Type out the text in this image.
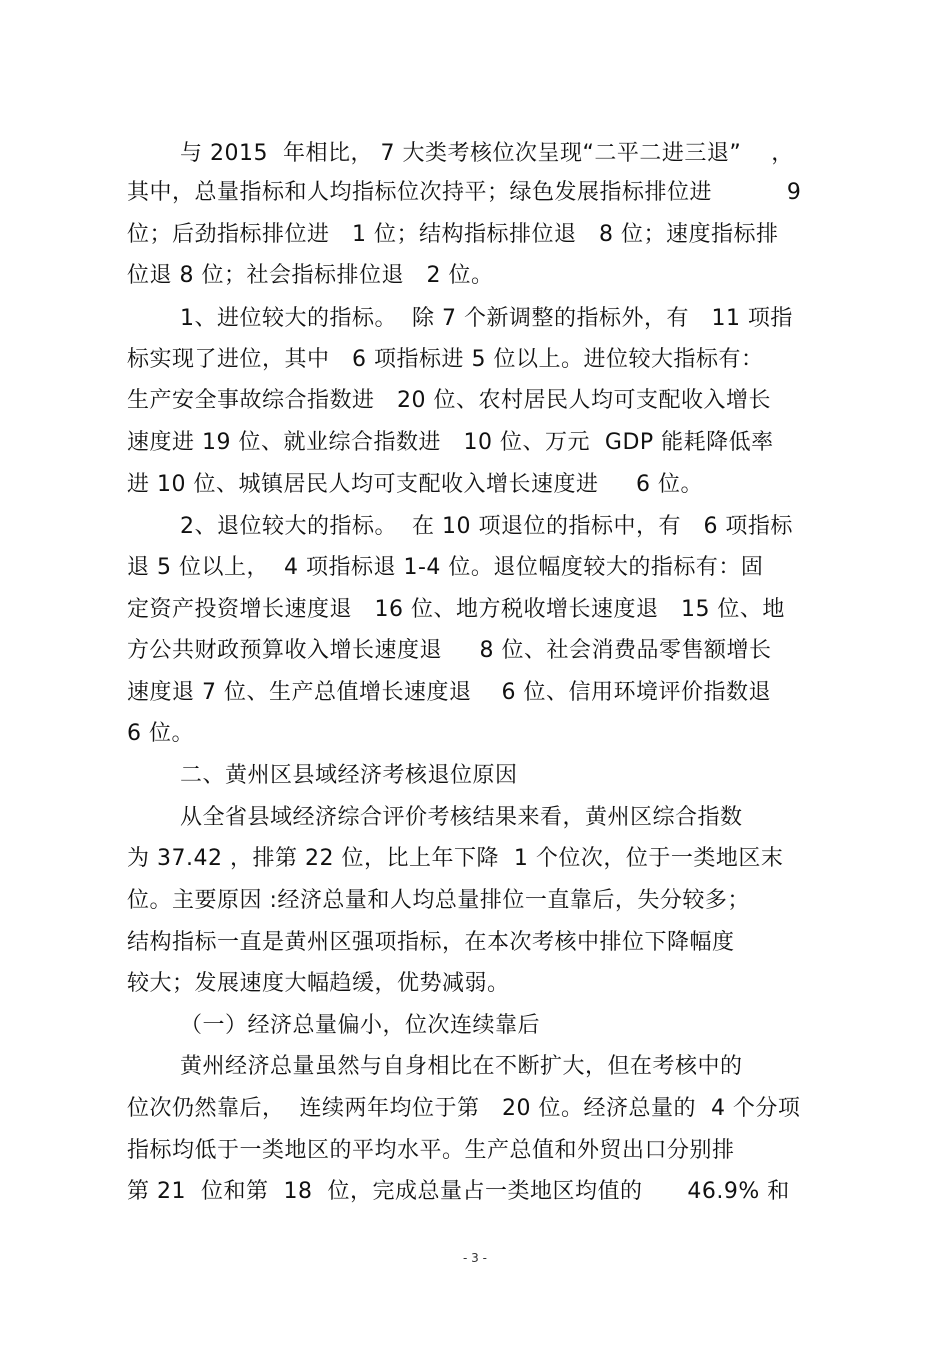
与 2015  年相比， 7 大类考核位次呈现“二平二进三退”    ，
其中，总量指标和人均指标位次持平；绿色发展指标排位进          9
位；后劲指标排位进   1 位；结构指标排位退   8 位；速度指标排
位退 8 位；社会指标排位退   2 位。
1、进位较大的指标。  除 7 个新调整的指标外，有   11 项指
标实现了进位，其中   6 项指标进 5 位以上。进位较大指标有：
生产安全事故综合指数进   20 位、农村居民人均可支配收入增长
速度进 19 位、就业综合指数进   10 位、万元  GDP 能耗降低率
进 10 位、城镇居民人均可支配收入增长速度进     6 位。
2、退位较大的指标。  在 10 项退位的指标中，有   6 项指标
退 5 位以上，  4 项指标退 1-4 位。退位幅度较大的指标有：固
定资产投资增长速度退   16 位、地方税收增长速度退   15 位、地
方公共财政预算收入增长速度退     8 位、社会消费品零售额增长
速度退 7 位、生产总值增长速度退    6 位、信用环境评价指数退
6 位。
二、黄州区县域经济考核退位原因
从全省县域经济综合评价考核结果来看，黄州区综合指数
为 37.42 ，排第 22 位，比上年下降  1 个位次，位于一类地区末
位。主要原因 :经济总量和人均总量排位一直靠后，失分较多；
结构指标一直是黄州区强项指标，在本次考核中排位下降幅度
较大；发展速度大幅趋缓，优势减弱。
（一）经济总量偏小，位次连续靠后
黄州经济总量虽然与自身相比在不断扩大，但在考核中的
位次仍然靠后，  连续两年均位于第   20 位。经济总量的  4 个分项
指标均低于一类地区的平均水平。生产总值和外贸出口分别排
第 21  位和第  18  位，完成总量占一类地区均值的      46.9% 和
- 3 -
